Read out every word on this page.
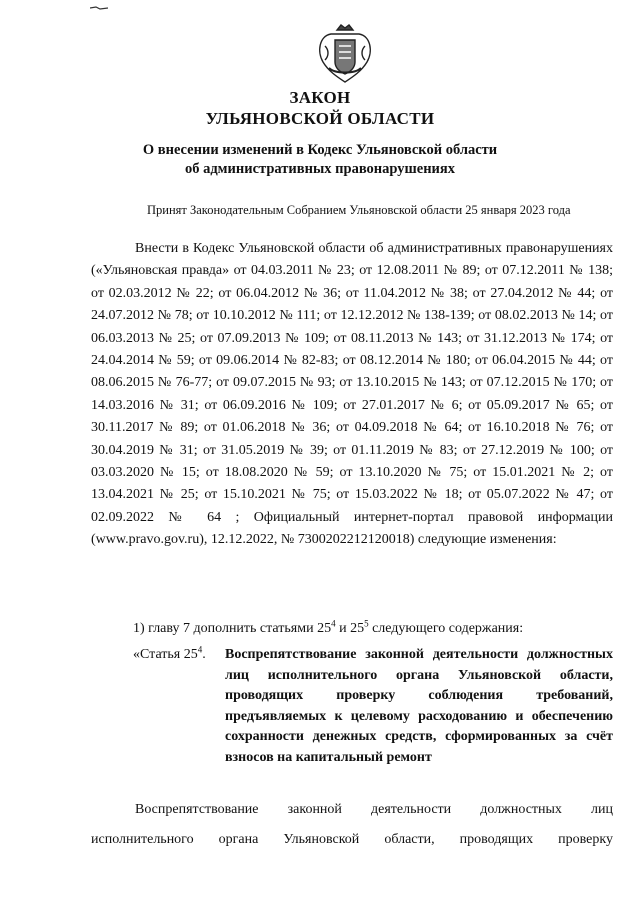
ЗАКОН
УЛЬЯНОВСКОЙ ОБЛАСТИ
О внесении изменений в Кодекс Ульяновской области
об административных правонарушениях
Принят Законодательным Собранием Ульяновской области 25 января 2023 года

Внести в Кодекс Ульяновской области об административных правонарушениях («Ульяновская правда» от 04.03.2011 № 23; от 12.08.2011 № 89; от 07.12.2011 № 138; от 02.03.2012 № 22; от 06.04.2012 № 36; от 11.04.2012 № 38; от 27.04.2012 № 44; от 24.07.2012 № 78; от 10.10.2012 № 111; от 12.12.2012 № 138-139; от 08.02.2013 № 14; от 06.03.2013 № 25; от 07.09.2013 № 109; от 08.11.2013 № 143; от 31.12.2013 № 174; от 24.04.2014 № 59; от 09.06.2014 № 82-83; от 08.12.2014 № 180; от 06.04.2015 № 44; от 08.06.2015 № 76-77; от 09.07.2015 № 93; от 13.10.2015 № 143; от 07.12.2015 № 170; от 14.03.2016 № 31; от 06.09.2016 № 109; от 27.01.2017 № 6; от 05.09.2017 № 65; от 30.11.2017 № 89; от 01.06.2018 № 36; от 04.09.2018 № 64; от 16.10.2018 № 76; от 30.04.2019 № 31; от 31.05.2019 № 39; от 01.11.2019 № 83; от 27.12.2019 № 100; от 03.03.2020 № 15; от 18.08.2020 № 59; от 13.10.2020 № 75; от 15.01.2021 № 2; от 13.04.2021 № 25; от 15.10.2021 № 75; от 15.03.2022 № 18; от 05.07.2022 № 47; от 02.09.2022 № 64 ; Официальный интернет-портал правовой информации (www.pravo.gov.ru), 12.12.2022, № 7300202212120018) следующие изменения:

1) главу 7 дополнить статьями $25^4$ и $25^5$ следующего содержания:
«Статья $25^4$.	Воспрепятствование законной деятельности должностных лиц исполнительного органа Ульяновской области, проводящих проверку соблюдения требований, предъявляемых к целевому расходованию и обеспечению сохранности денежных средств, сформированных за счёт взносов на капитальный ремонт
Воспрепятствование законной деятельности должностных лиц
исполнительного органа Ульяновской области, проводящих проверку
